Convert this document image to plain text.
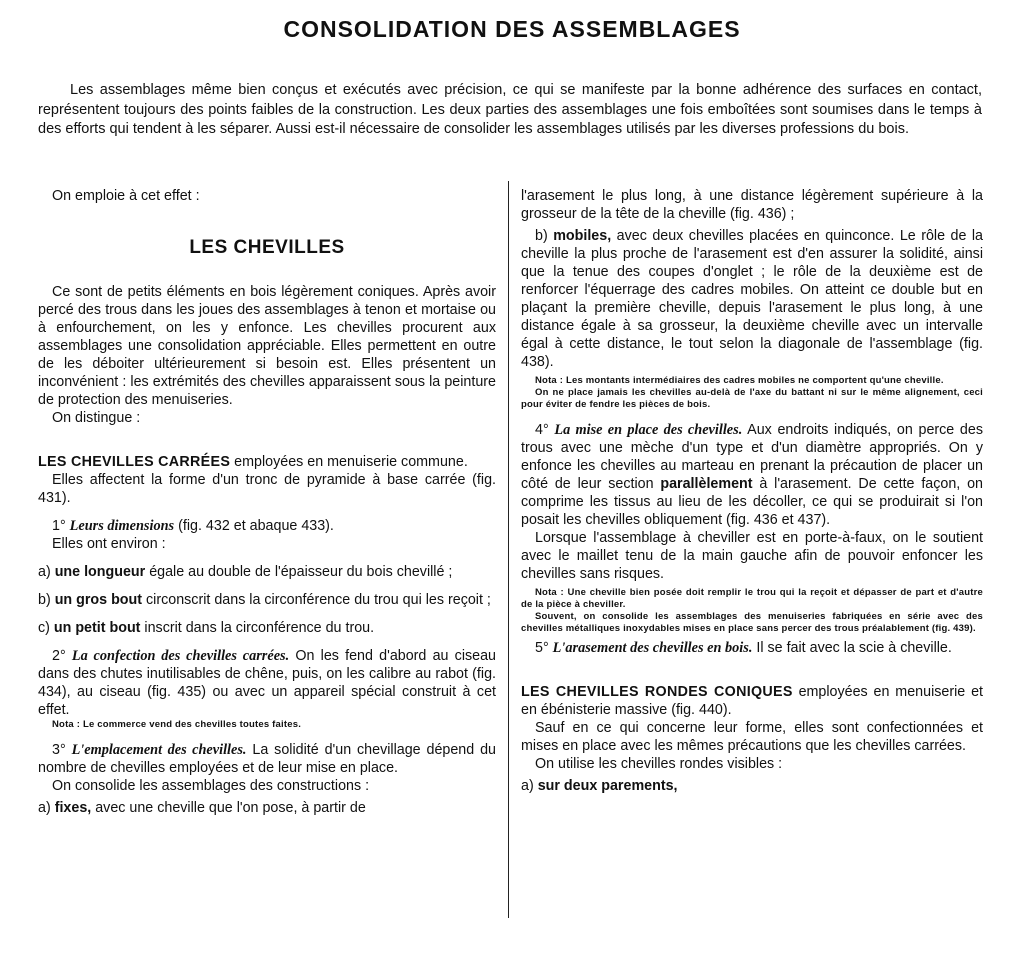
CONSOLIDATION DES ASSEMBLAGES

Les assemblages même bien conçus et exécutés avec précision, ce qui se manifeste par la bonne adhérence des surfaces en contact, représentent toujours des points faibles de la construction. Les deux parties des assemblages une fois emboîtées sont soumises dans le temps à des efforts qui tendent à les séparer. Aussi est-il nécessaire de consolider les assemblages utilisés par les diverses professions du bois.

On emploie à cet effet :

LES CHEVILLES

Ce sont de petits éléments en bois légèrement coniques. Après avoir percé des trous dans les joues des assemblages à tenon et mortaise ou à enfourchement, on les y enfonce. Les chevilles procurent aux assemblages une consolidation appréciable. Elles permettent en outre de les déboiter ultérieurement si besoin est. Elles présentent un inconvénient : les extrémités des chevilles apparaissent sous la peinture de protection des menuiseries.

On distingue :

LES CHEVILLES CARRÉES employées en menuiserie commune.

Elles affectent la forme d'un tronc de pyramide à base carrée (fig. 431).

1° Leurs dimensions (fig. 432 et abaque 433).

Elles ont environ :

a) une longueur égale au double de l'épaisseur du bois chevillé ;

b) un gros bout circonscrit dans la circonférence du trou qui les reçoit ;

c) un petit bout inscrit dans la circonférence du trou.

2° La confection des chevilles carrées. On les fend d'abord au ciseau dans des chutes inutilisables de chêne, puis, on les calibre au rabot (fig. 434), au ciseau (fig. 435) ou avec un appareil spécial construit à cet effet.

Nota : Le commerce vend des chevilles toutes faites.

3° L'emplacement des chevilles. La solidité d'un chevillage dépend du nombre de chevilles employées et de leur mise en place.

On consolide les assemblages des constructions :

a) fixes, avec une cheville que l'on pose, à partir de

l'arasement le plus long, à une distance légèrement supérieure à la grosseur de la tête de la cheville (fig. 436) ;

b) mobiles, avec deux chevilles placées en quinconce. Le rôle de la cheville la plus proche de l'arasement est d'en assurer la solidité, ainsi que la tenue des coupes d'onglet ; le rôle de la deuxième est de renforcer l'équerrage des cadres mobiles. On atteint ce double but en plaçant la première cheville, depuis l'arasement le plus long, à une distance égale à sa grosseur, la deuxième cheville avec un intervalle égal à cette distance, le tout selon la diagonale de l'assemblage (fig. 438).

Nota : Les montants intermédiaires des cadres mobiles ne comportent qu'une cheville.

On ne place jamais les chevilles au-delà de l'axe du battant ni sur le même alignement, ceci pour éviter de fendre les pièces de bois.

4° La mise en place des chevilles. Aux endroits indiqués, on perce des trous avec une mèche d'un type et d'un diamètre appropriés. On y enfonce les chevilles au marteau en prenant la précaution de placer un côté de leur section parallèlement à l'arasement. De cette façon, on comprime les tissus au lieu de les décoller, ce qui se produirait si l'on posait les chevilles obliquement (fig. 436 et 437).

Lorsque l'assemblage à cheviller est en porte-à-faux, on le soutient avec le maillet tenu de la main gauche afin de pouvoir enfoncer les chevilles sans risques.

Nota : Une cheville bien posée doit remplir le trou qui la reçoit et dépasser de part et d'autre de la pièce à cheviller.

Souvent, on consolide les assemblages des menuiseries fabriquées en série avec des chevilles métalliques inoxydables mises en place sans percer des trous préalablement (fig. 439).

5° L'arasement des chevilles en bois. Il se fait avec la scie à cheville.

LES CHEVILLES RONDES CONIQUES employées en menuiserie et en ébénisterie massive (fig. 440).

Sauf en ce qui concerne leur forme, elles sont confectionnées et mises en place avec les mêmes précautions que les chevilles carrées.

On utilise les chevilles rondes visibles :

a) sur deux parements,
